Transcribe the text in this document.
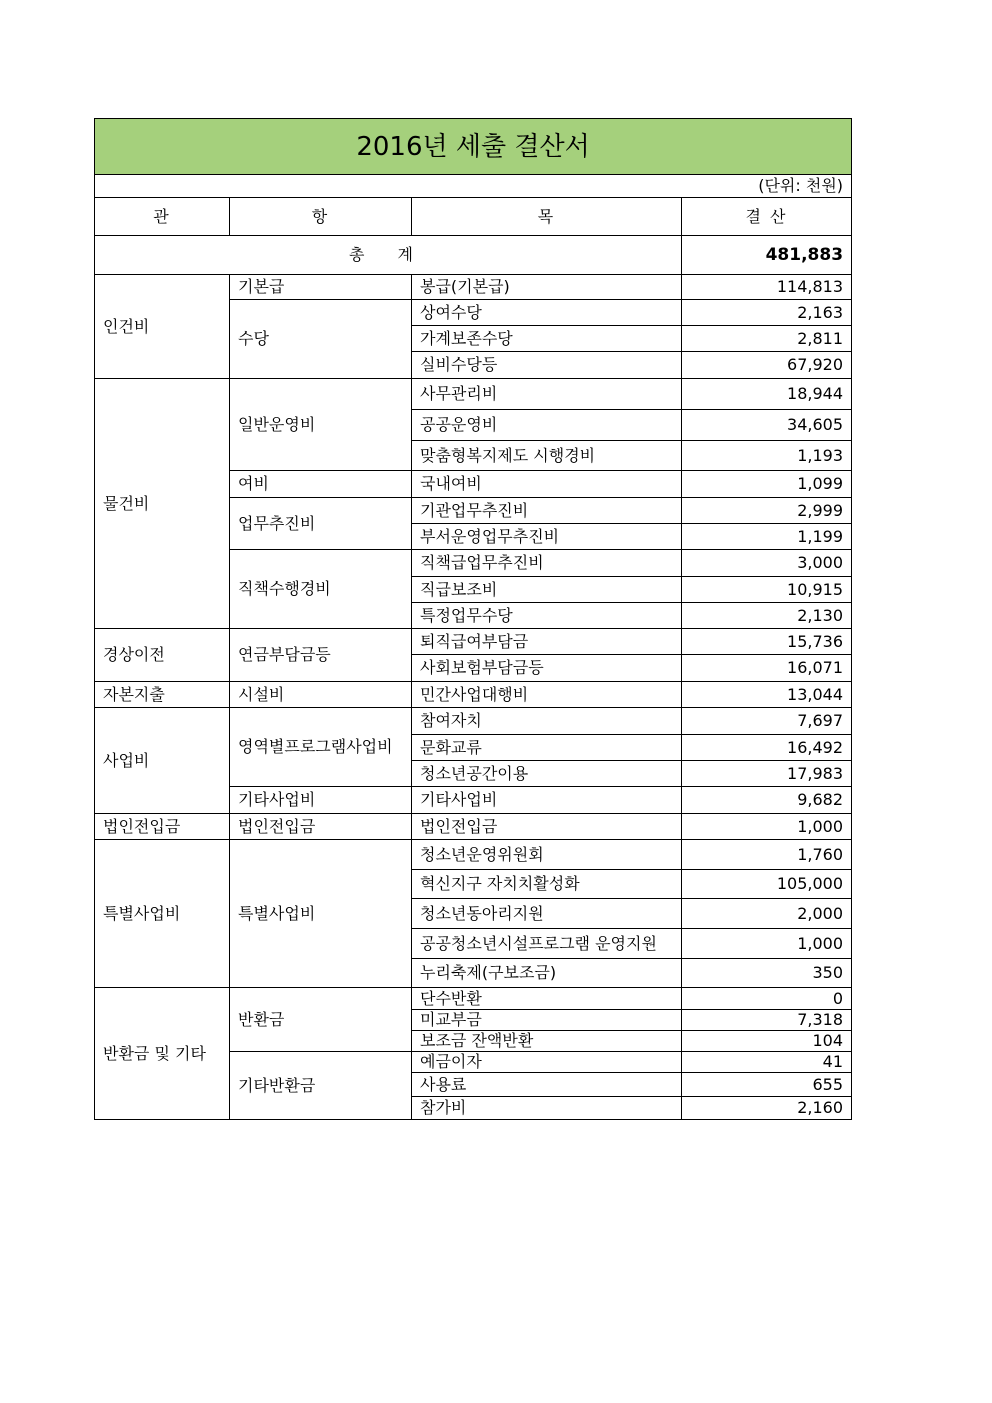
2016년 세출 결산서			
(단위: 천원)			
관	항	목	결 산
총 계			481,883
인건비	기본급	봉급(기본급)	114,813
	수당	상여수당	2,163
		가계보존수당	2,811
		실비수당등	67,920
물건비	일반운영비	사무관리비	18,944
		공공운영비	34,605
		맞춤형복지제도 시행경비	1,193
	여비	국내여비	1,099
	업무추진비	기관업무추진비	2,999
		부서운영업무추진비	1,199
	직책수행경비	직책급업무추진비	3,000
		직급보조비	10,915
		특정업무수당	2,130
경상이전	연금부담금등	퇴직급여부담금	15,736
		사회보험부담금등	16,071
자본지출	시설비	민간사업대행비	13,044
사업비	영역별프로그램사업비	참여자치	7,697
		문화교류	16,492
		청소년공간이용	17,983
	기타사업비	기타사업비	9,682
법인전입금	법인전입금	법인전입금	1,000
특별사업비	특별사업비	청소년운영위원회	1,760
		혁신지구 자치치활성화	105,000
		청소년동아리지원	2,000
		공공청소년시설프로그램 운영지원	1,000
		누리축제(구보조금)	350
반환금 및 기타	반환금	단수반환	0
		미교부금	7,318
		보조금 잔액반환	104
	기타반환금	예금이자	41
		사용료	655
		참가비	2,160
